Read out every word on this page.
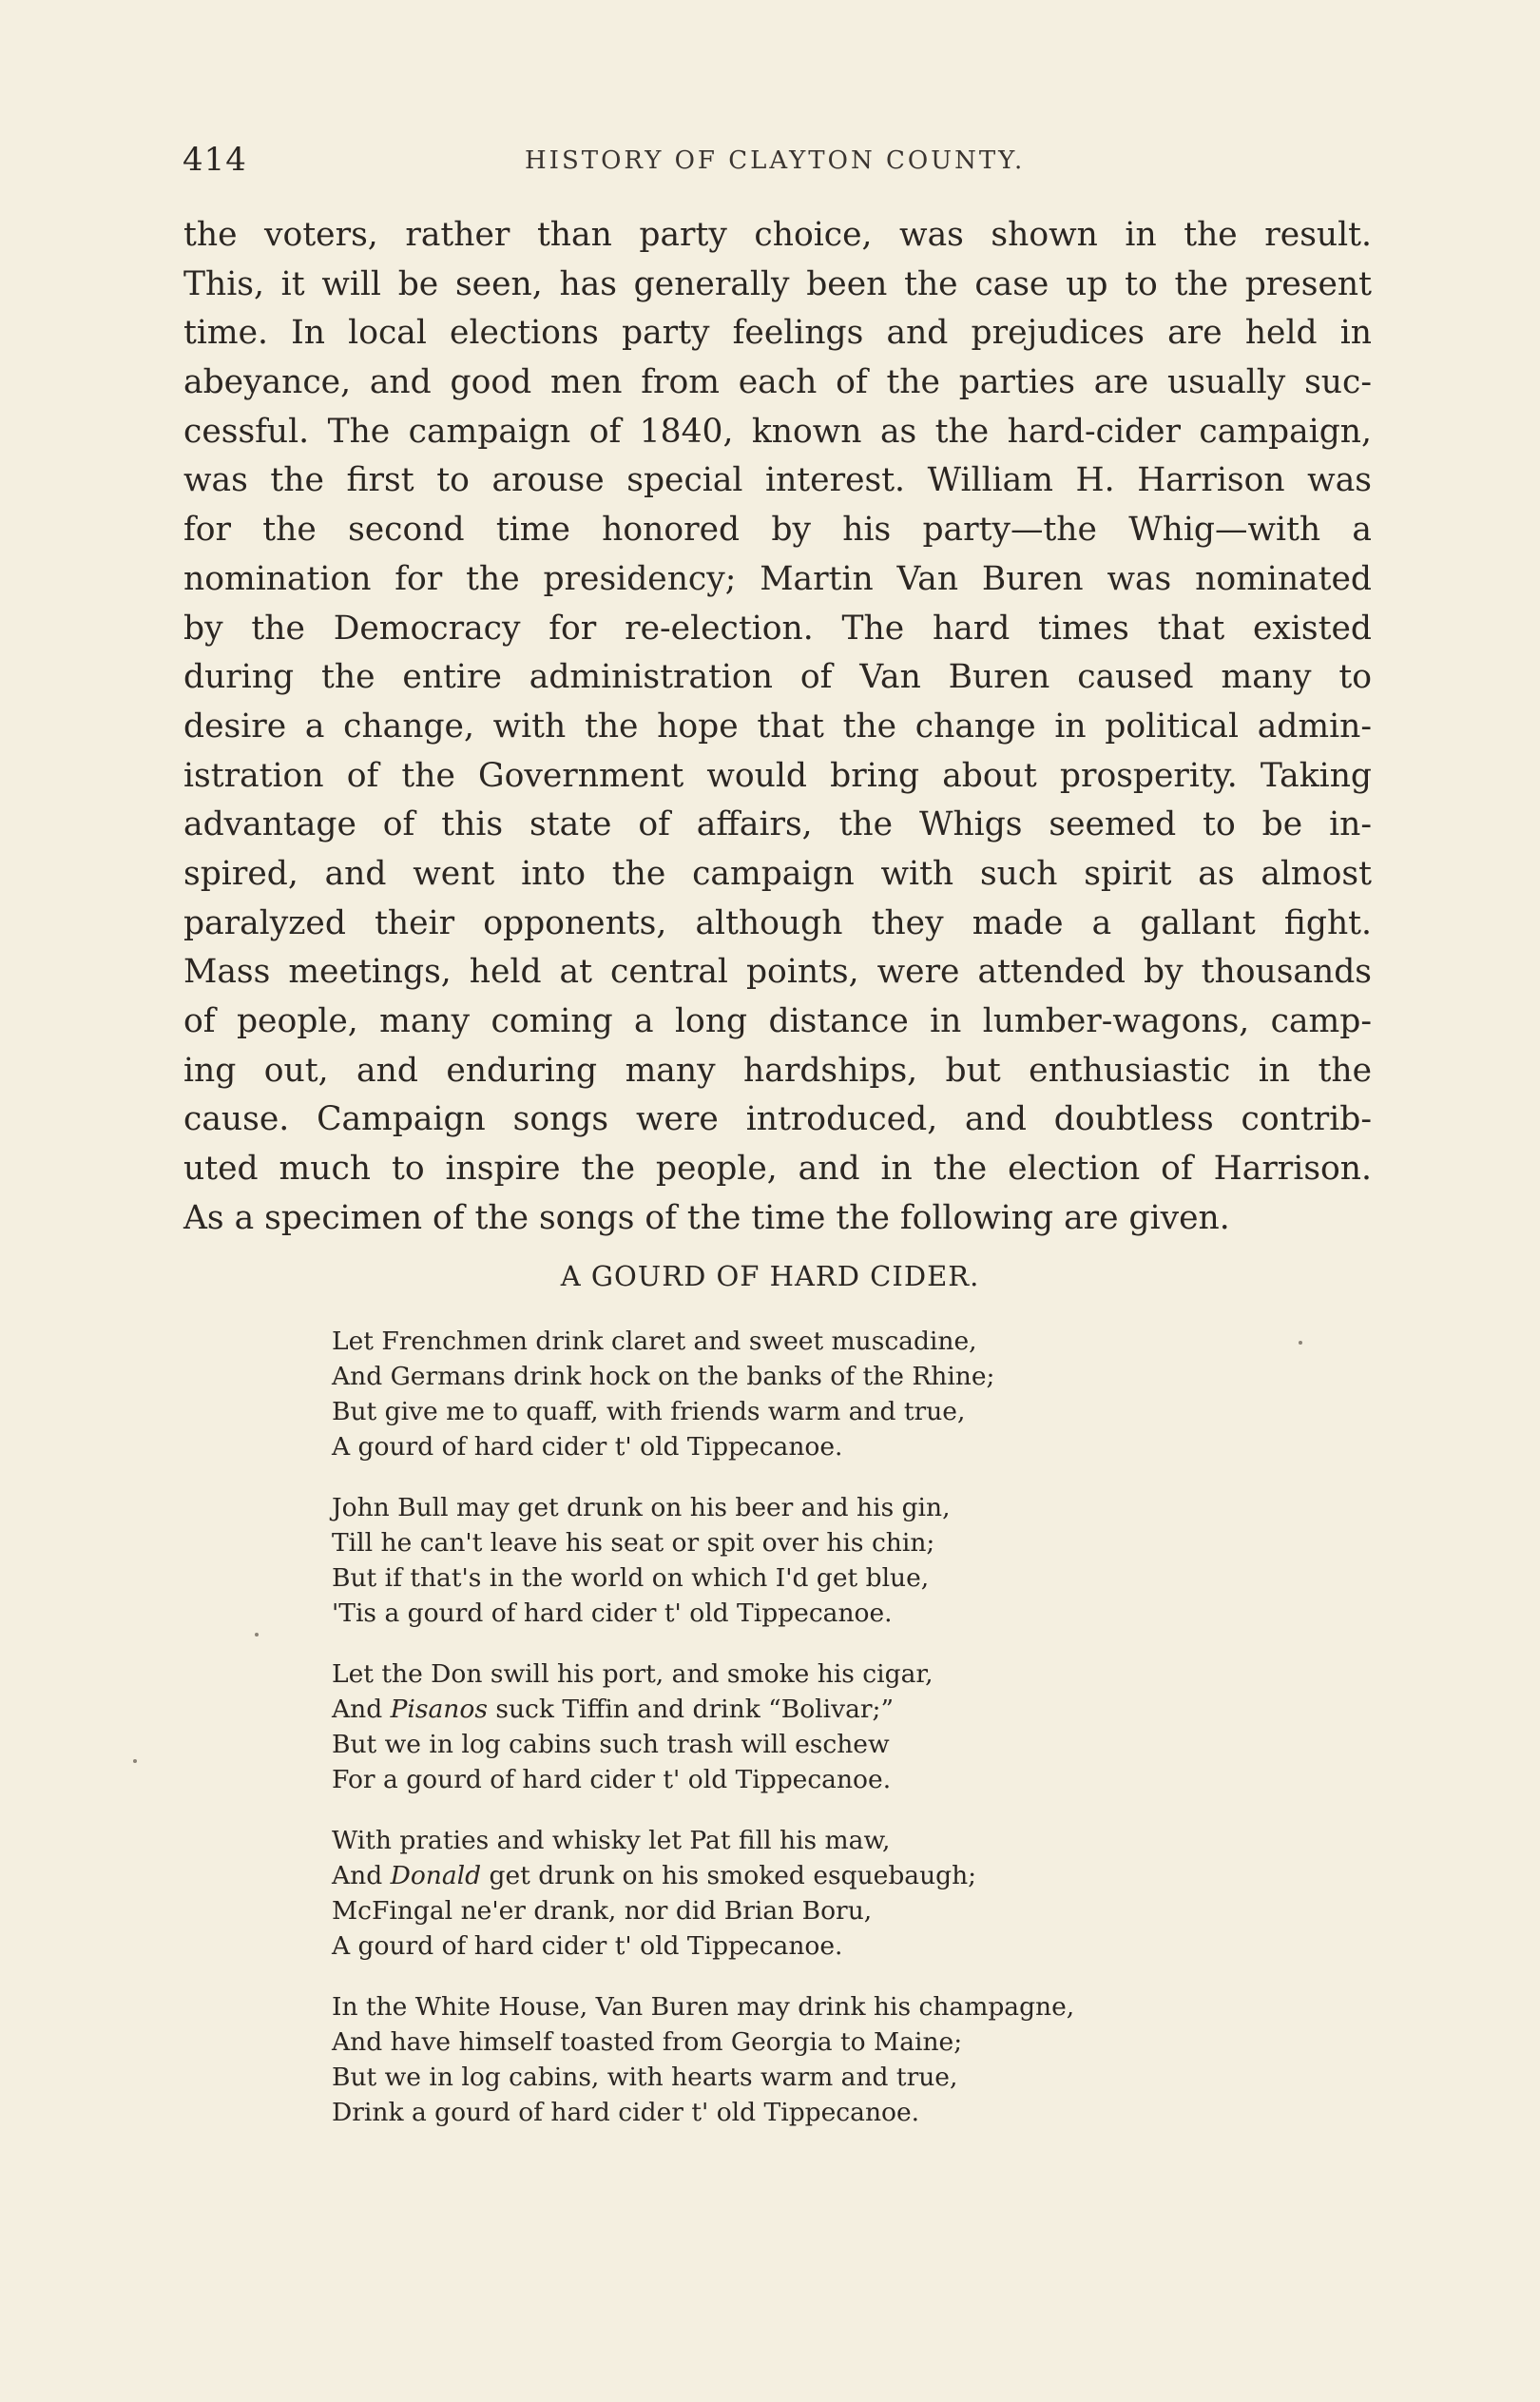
414	HISTORY OF CLAYTON COUNTY.
the voters, rather than party choice, was shown in the result.
This, it will be seen, has generally been the case up to the present
time. In local elections party feelings and prejudices are held in
abeyance, and good men from each of the parties are usually suc-
cessful. The campaign of 1840, known as the hard-cider campaign,
was the first to arouse special interest. William H. Harrison was
for the second time honored by his party—the Whig—with a
nomination for the presidency; Martin Van Buren was nominated
by the Democracy for re-election. The hard times that existed
during the entire administration of Van Buren caused many to
desire a change, with the hope that the change in political admin-
istration of the Government would bring about prosperity. Taking
advantage of this state of affairs, the Whigs seemed to be in-
spired, and went into the campaign with such spirit as almost
paralyzed their opponents, although they made a gallant fight.
Mass meetings, held at central points, were attended by thousands
of people, many coming a long distance in lumber-wagons, camp-
ing out, and enduring many hardships, but enthusiastic in the
cause. Campaign songs were introduced, and doubtless contrib-
uted much to inspire the people, and in the election of Harrison.
As a specimen of the songs of the time the following are given.
A GOURD OF HARD CIDER.
Let Frenchmen drink claret and sweet muscadine,
And Germans drink hock on the banks of the Rhine;
But give me to quaff, with friends warm and true,
A gourd of hard cider t' old Tippecanoe.
John Bull may get drunk on his beer and his gin,
Till he can't leave his seat or spit over his chin;
But if that's in the world on which I'd get blue,
'Tis a gourd of hard cider t' old Tippecanoe.
Let the Don swill his port, and smoke his cigar,
And Pisanos suck Tiffin and drink “Bolivar;”
But we in log cabins such trash will eschew
For a gourd of hard cider t' old Tippecanoe.
With praties and whisky let Pat fill his maw,
And Donald get drunk on his smoked esquebaugh;
McFingal ne'er drank, nor did Brian Boru,
A gourd of hard cider t' old Tippecanoe.
In the White House, Van Buren may drink his champagne,
And have himself toasted from Georgia to Maine;
But we in log cabins, with hearts warm and true,
Drink a gourd of hard cider t' old Tippecanoe.
